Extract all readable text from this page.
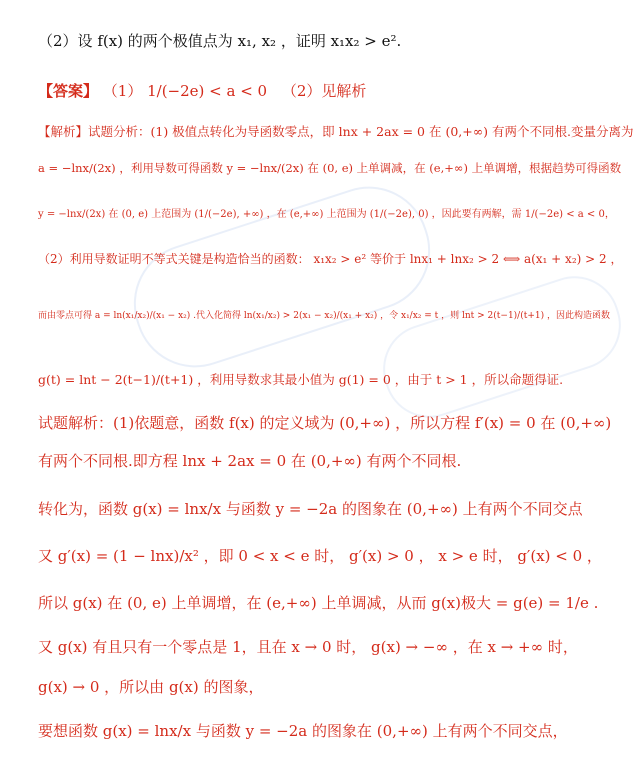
（2）设 f(x) 的两个极值点为 x₁, x₂ ，证明 x₁x₂ > e².
【答案】 （1） 1/(−2e) < a < 0 （2）见解析
【解析】试题分析：(1) 极值点转化为导函数零点，即 lnx + 2ax = 0 在 (0,+∞) 有两个不同根.变量分离为
a = −lnx/(2x) ，利用导数可得函数 y = −lnx/(2x) 在 (0, e) 上单调减，在 (e,+∞) 上单调增，根据趋势可得函数
y = −lnx/(2x) 在 (0, e) 上范围为 (1/(−2e), +∞) ，在 (e,+∞) 上范围为 (1/(−2e), 0) ，因此要有两解，需 1/(−2e) < a < 0，
（2）利用导数证明不等式关键是构造恰当的函数： x₁x₂ > e² 等价于 lnx₁ + lnx₂ > 2 ⟺ a(x₁ + x₂) > 2 ，
而由零点可得 a = ln(x₁/x₂)/(x₁ − x₂) .代入化简得 ln(x₁/x₂) > 2(x₁ − x₂)/(x₁ + x₂) ，令 x₁/x₂ = t ，则 lnt > 2(t−1)/(t+1) ，因此构造函数
g(t) = lnt − 2(t−1)/(t+1) ，利用导数求其最小值为 g(1) = 0 ，由于 t > 1 ，所以命题得证.
试题解析：(1)依题意，函数 f(x) 的定义域为 (0,+∞) ，所以方程 f′(x) = 0 在 (0,+∞)
有两个不同根.即方程 lnx + 2ax = 0 在 (0,+∞) 有两个不同根.
转化为，函数 g(x) = lnx/x 与函数 y = −2a 的图象在 (0,+∞) 上有两个不同交点
又 g′(x) = (1 − lnx)/x² ，即 0 < x < e 时， g′(x) > 0 ， x > e 时， g′(x) < 0 ，
所以 g(x) 在 (0, e) 上单调增，在 (e,+∞) 上单调减，从而 g(x)极大 = g(e) = 1/e .
又 g(x) 有且只有一个零点是 1，且在 x → 0 时， g(x) → −∞ ，在 x → +∞ 时，
g(x) → 0 ，所以由 g(x) 的图象，
要想函数 g(x) = lnx/x 与函数 y = −2a 的图象在 (0,+∞) 上有两个不同交点，
